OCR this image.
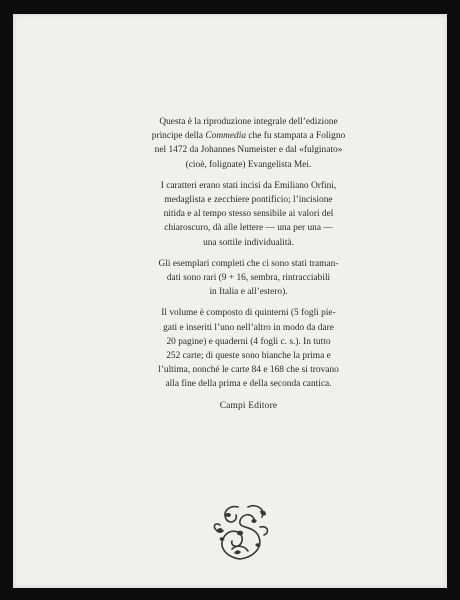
Questa è la riproduzione integrale dell’edizione
principe della Commedia che fu stampata a Foligno
nel 1472 da Johannes Numeister e dal «fulginato»
(cioè, folignate) Evangelista Mei.
I caratteri erano stati incisi da Emiliano Orfini,
medaglista e zecchiere pontificio; l’incisione
nitida e al tempo stesso sensibile ai valori del
chiaroscuro, dà alle lettere — una per una —
una sottile individualità.
Gli esemplari completi che ci sono stati traman-
dati sono rari (9 + 16, sembra, rintracciabili
in Italia e all’estero).
Il volume è composto di quinterni (5 fogli pie-
gati e inseriti l’uno nell’altro in modo da dare
20 pagine) e quaderni (4 fogli c. s.). In tutto
252 carte; di queste sono bianche la prima e
l’ultima, nonché le carte 84 e 168 che si trovano
alla fine della prima e della seconda cantica.
Campi Editore
